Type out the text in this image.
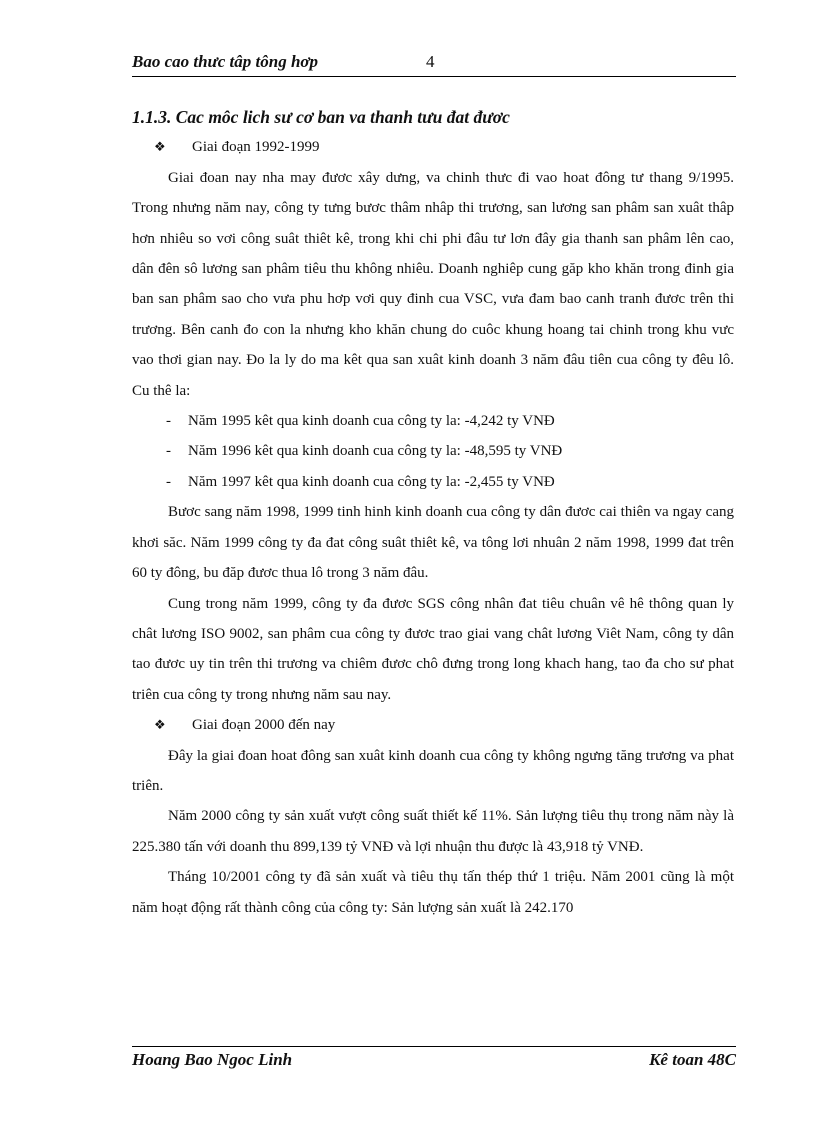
Bao cao thưc tâp tông hơp	4

1.1.3. Cac môc lich sư cơ ban va thanh tưu đat đươc

❖	Giai đoạn 1992-1999

Giai đoan nay nha may đươc xây dưng, va chinh thưc đi vao hoat đông tư thang 9/1995. Trong nhưng năm nay, công ty tưng bươc thâm nhâp thi trương, san lương san phâm san xuât thâp hơn nhiêu so vơi công suât thiêt kê, trong khi chi phi đâu tư lơn đây gia thanh san phâm lên cao, dân đên sô lương san phâm tiêu thu không nhiêu. Doanh nghiêp cung găp kho khăn trong đinh gia ban san phâm sao cho vưa phu hơp vơi quy đinh cua VSC, vưa đam bao canh tranh đươc trên thi trương. Bên canh đo con la nhưng kho khăn chung do cuôc khung hoang tai chinh trong khu vưc vao thơi gian nay. Đo la ly do ma kêt qua san xuât kinh doanh 3 năm đâu tiên cua công ty đêu lô. Cu thê la:

-	Năm 1995 kêt qua kinh doanh cua công ty la: -4,242 ty VNĐ
-	Năm 1996 kêt qua kinh doanh cua công ty la: -48,595 ty VNĐ
-	Năm 1997 kêt qua kinh doanh cua công ty la: -2,455 ty VNĐ

Bươc sang năm 1998, 1999 tinh hinh kinh doanh cua công ty dân đươc cai thiên va ngay cang khơi săc. Năm 1999 công ty đa đat công suât thiêt kê, va tông lơi nhuân 2 năm 1998, 1999 đat trên 60 ty đông, bu đăp đươc thua lô trong 3 năm đâu.

Cung trong năm 1999, công ty đa đươc SGS công nhân đat tiêu chuân vê hê thông quan ly chât lương ISO 9002, san phâm cua công ty đươc trao giai vang chât lương Viêt Nam, công ty dân tao đươc uy tin trên thi trương va chiêm đươc chô đưng trong long khach hang, tao đa cho sư phat triên cua công ty trong nhưng năm sau nay.

❖	Giai đoạn 2000 đến nay

Đây la giai đoan hoat đông san xuât kinh doanh cua công ty không ngưng tăng trương va phat triên.

Năm 2000 công ty sản xuất vượt công suất thiết kế 11%. Sản lượng tiêu thụ trong năm này là 225.380 tấn với doanh thu 899,139 tỷ VNĐ và lợi nhuận thu được là 43,918 tỷ VNĐ.

Tháng 10/2001 công ty đã sản xuất và tiêu thụ tấn thép thứ 1 triệu. Năm 2001 cũng là một năm hoạt động rất thành công của công ty: Sản lượng sản xuất là 242.170

Hoang Bao Ngoc Linh	Kê toan 48C
